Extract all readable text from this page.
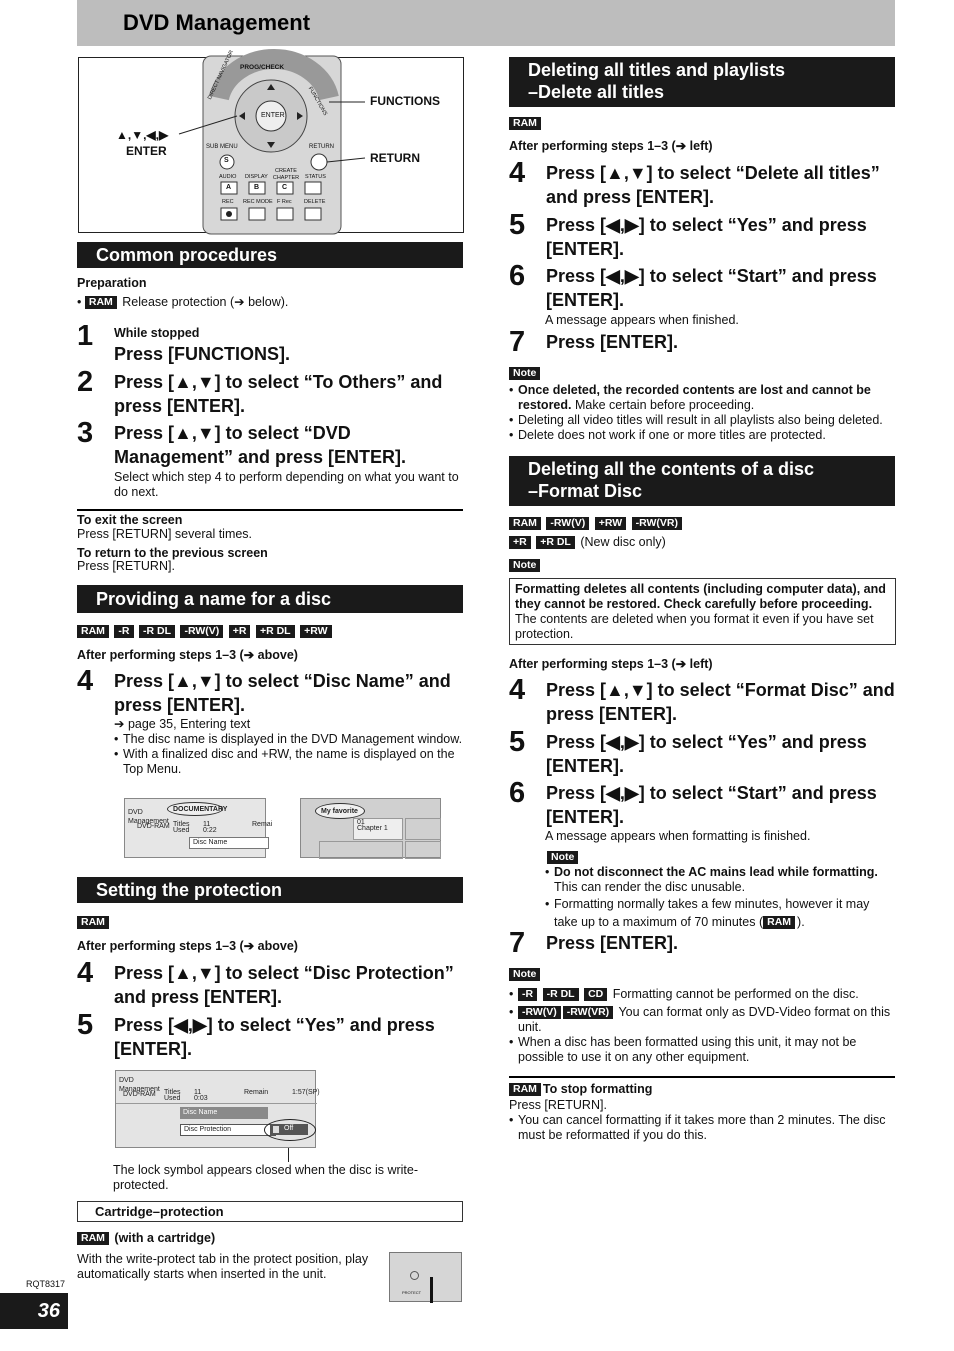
DVD Management
PROG/CHECK
DIRECT NAVIGATOR
FUNCTIONS
ENTER
SUB MENU
S
RETURN
AUDIO DISPLAY
CREATE CHAPTER STATUS
A	B	C
REC REC MODE F Rec DELETE
▲,▼,◀,▶
ENTER
FUNCTIONS
RETURN
Common procedures
Preparation
• RAM Release protection (➔ below).
1 While stopped
Press [FUNCTIONS].
2 Press [▲,▼] to select “To Others” and press [ENTER].
3 Press [▲,▼] to select “DVD Management” and press [ENTER].
Select which step 4 to perform depending on what you want to do next.
To exit the screen
Press [RETURN] several times.
To return to the previous screen
Press [RETURN].
Providing a name for a disc
RAM -R -R DL -RW(V) +R +R DL +RW
After performing steps 1–3 (➔ above)
4 Press [▲,▼] to select “Disc Name” and press [ENTER].
➔ page 35, Entering text
• The disc name is displayed in the DVD Management window.
• With a finalized disc and +RW, the name is displayed on the Top Menu.
DVD Management
DVD-RAM
DOCUMENTARY
Titles
Used
11
0:22
Remai
Disc Name
My favorite
01
Chapter 1
Setting the protection
RAM
After performing steps 1–3 (➔ above)
4 Press [▲,▼] to select “Disc Protection” and press [ENTER].
5 Press [◀,▶] to select “Yes” and press [ENTER].
DVD Management
DVD-RAM Titles
Used
11
0:03
Remain	1:57(SP)
Disc Name
Disc Protection	Off
The lock symbol appears closed when the disc is write-protected.
Cartridge–protection
RAM (with a cartridge)
With the write-protect tab in the protect position, play automatically starts when inserted in the unit.
PROTECT
Deleting all titles and playlists
–Delete all titles
RAM
After performing steps 1–3 (➔ left)
4 Press [▲,▼] to select “Delete all titles” and press [ENTER].
5 Press [◀,▶] to select “Yes” and press [ENTER].
6 Press [◀,▶] to select “Start” and press [ENTER].
A message appears when finished.
7 Press [ENTER].
Note
• Once deleted, the recorded contents are lost and cannot be restored. Make certain before proceeding.
• Deleting all video titles will result in all playlists also being deleted.
• Delete does not work if one or more titles are protected.
Deleting all the contents of a disc
–Format Disc
RAM -RW(V) +RW -RW(VR)
+R +R DL (New disc only)
Note
Formatting deletes all contents (including computer data), and they cannot be restored. Check carefully before proceeding. The contents are deleted when you format it even if you have set protection.
After performing steps 1–3 (➔ left)
4 Press [▲,▼] to select “Format Disc” and press [ENTER].
5 Press [◀,▶] to select “Yes” and press [ENTER].
6 Press [◀,▶] to select “Start” and press [ENTER].
A message appears when formatting is finished.
Note
• Do not disconnect the AC mains lead while formatting.
This can render the disc unusable.
• Formatting normally takes a few minutes, however it may take up to a maximum of 70 minutes ( RAM ).
7 Press [ENTER].
Note
• -R -R DL CD Formatting cannot be performed on the disc.
• -RW(V) -RW(VR) You can format only as DVD-Video format on this unit.
• When a disc has been formatted using this unit, it may not be possible to use it on any other equipment.
RAM To stop formatting
Press [RETURN].
• You can cancel formatting if it takes more than 2 minutes. The disc must be reformatted if you do this.
RQT8317
36
